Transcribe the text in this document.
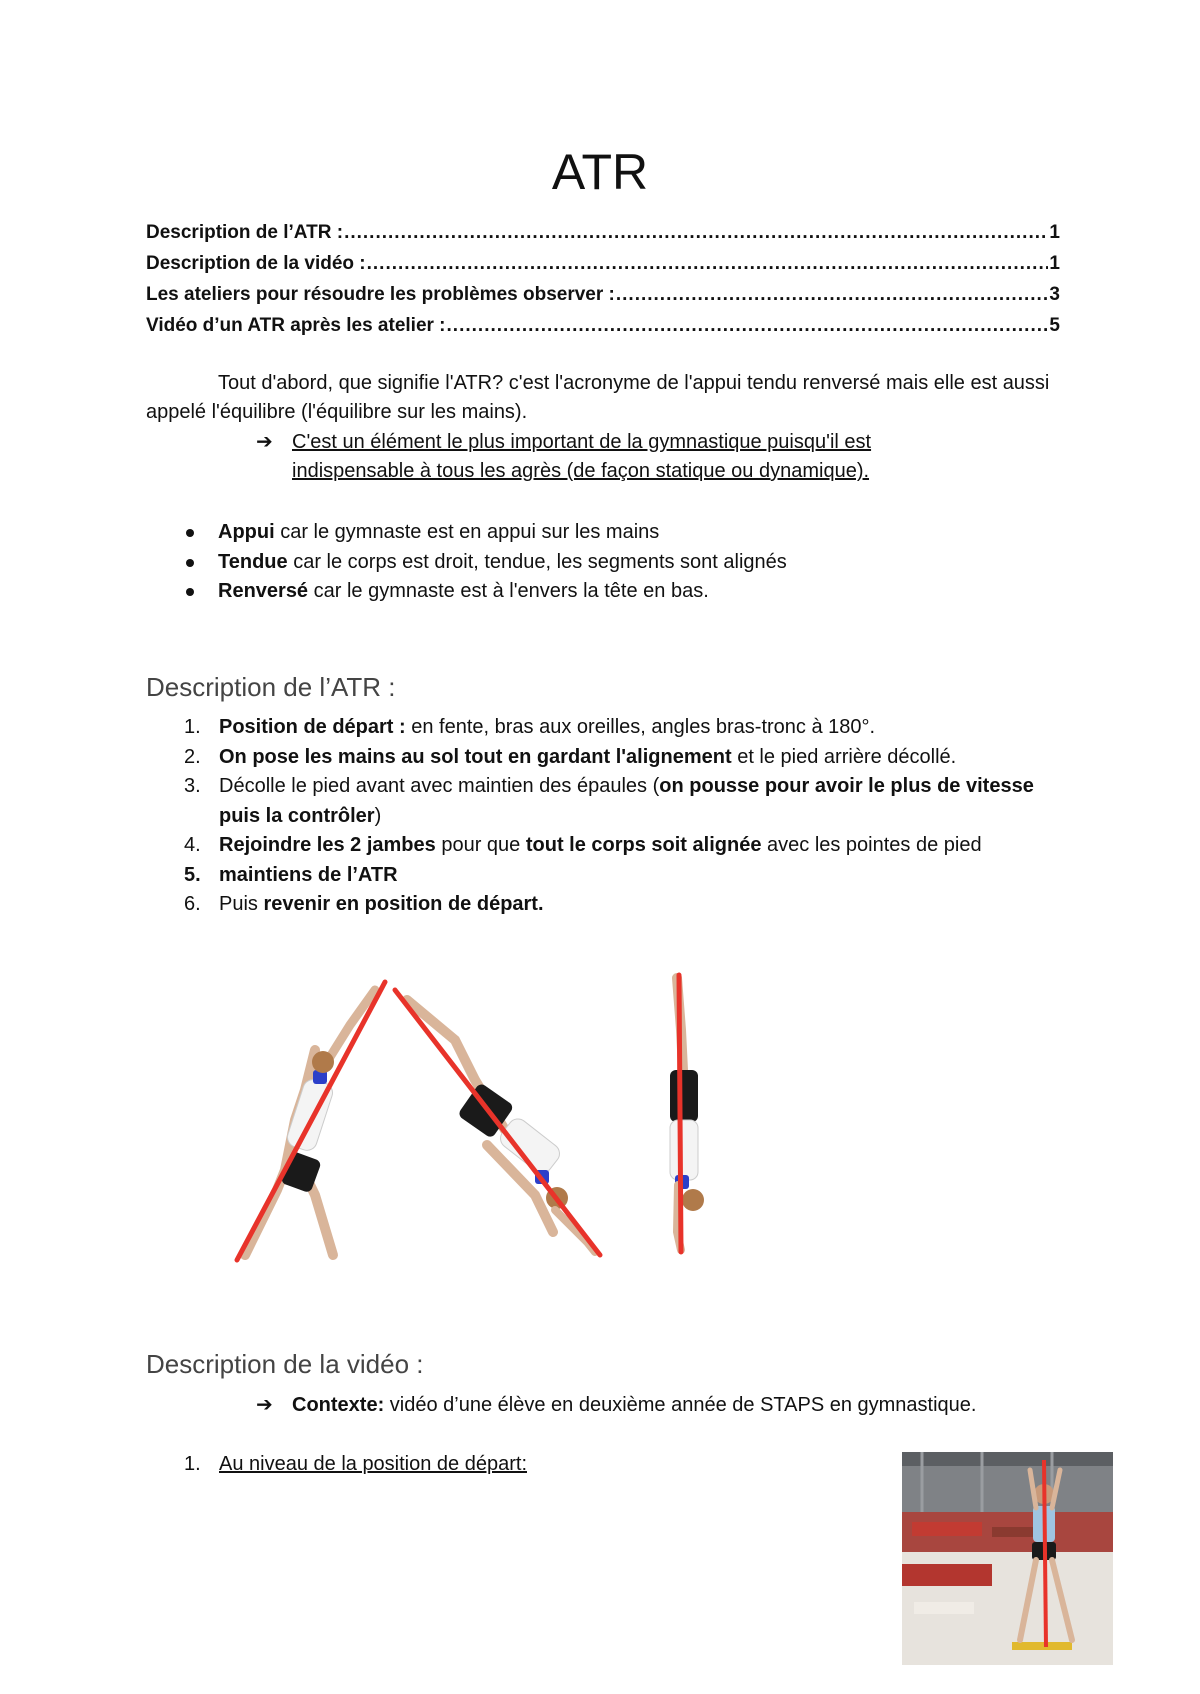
ATR
Description de l’ATR : .....	1
Description de la vidéo : .....	1
Les ateliers pour résoudre les problèmes observer : .....	3
Vidéo d’un ATR après les atelier : .....	5

Tout d'abord, que signifie l'ATR? c'est l'acronyme de l'appui tendu renversé mais elle est aussi appelé l'équilibre (l'équilibre sur les mains).

➔ C'est un élément le plus important de la gymnastique puisqu'il est indispensable à tous les agrès (de façon statique ou dynamique).
Appui car le gymnaste est en appui sur les mains
Tendue car le corps est droit, tendue, les segments sont alignés
Renversé car le gymnaste est à l'envers la tête en bas.
Description de l’ATR :
1. Position de départ : en fente, bras aux oreilles, angles bras-tronc à 180°.
2. On pose les mains au sol tout en gardant l'alignement et le pied arrière décollé.
3. Décolle le pied avant avec maintien des épaules (on pousse pour avoir le plus de vitesse puis la contrôler)
4. Rejoindre les 2 jambes pour que tout le corps soit alignée avec les pointes de pied
5. maintiens de l’ATR
6. Puis revenir en position de départ.
Description de la vidéo :
➔ Contexte: vidéo d’une élève en deuxième année de STAPS en gymnastique.
1. Au niveau de la position de départ:
